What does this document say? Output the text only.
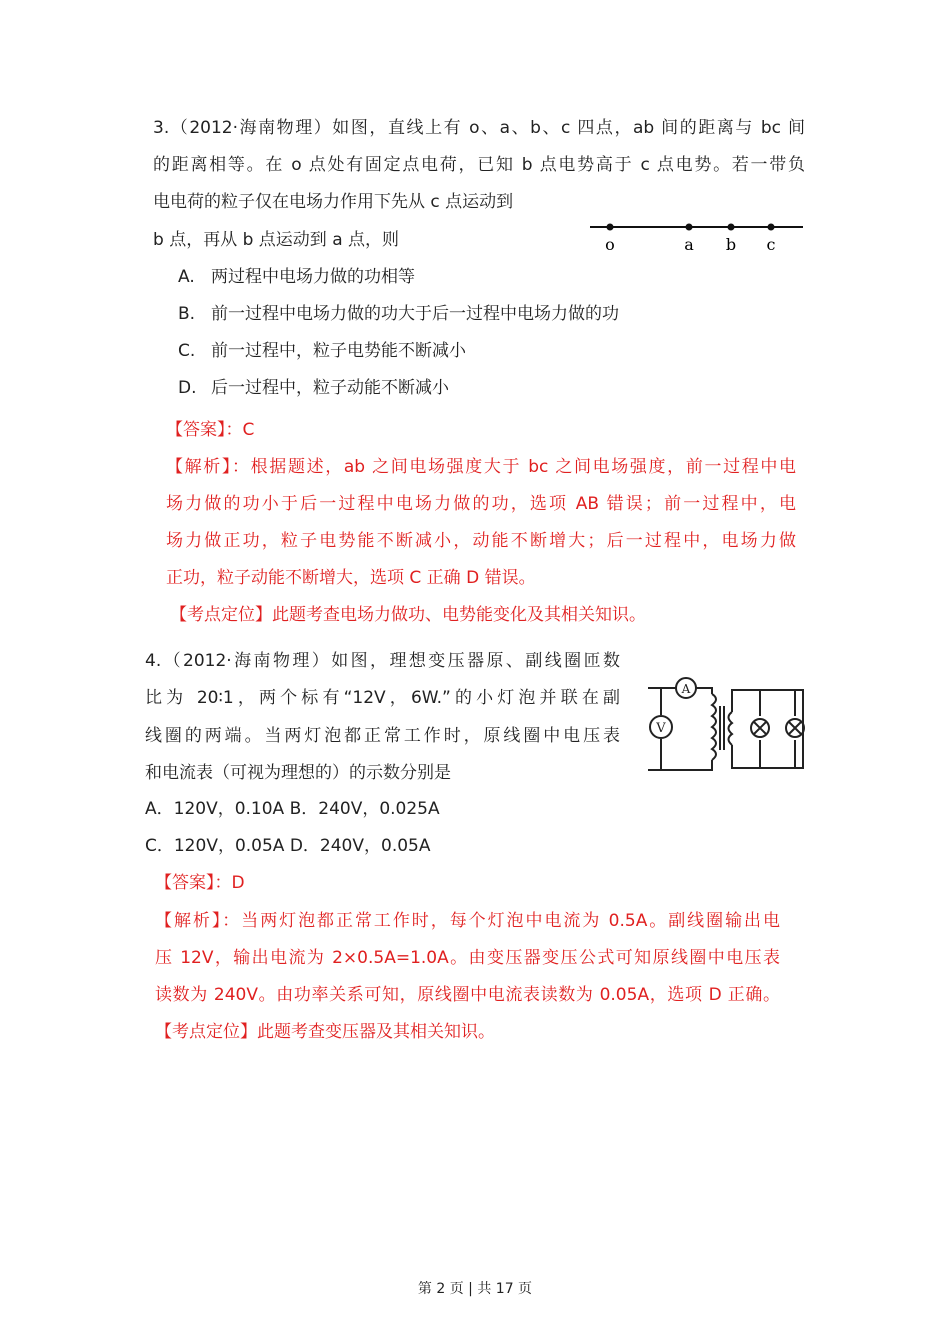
3.（2012·海南物理）如图，直线上有 o、a、b、c 四点，ab 间的距离与 bc 间
的距离相等。在 o 点处有固定点电荷，已知 b 点电势高于 c 点电势。若一带负
电电荷的粒子仅在电场力作用下先从 c 点运动到
b 点，再从 b 点运动到 a 点，则	o	a b c
A. 两过程中电场力做的功相等
B. 前一过程中电场力做的功大于后一过程中电场力做的功
C. 前一过程中，粒子电势能不断减小
D. 后一过程中，粒子动能不断减小
【答案】：C
【解析】：根据题述，ab 之间电场强度大于 bc 之间电场强度，前一过程中电
场力做的功小于后一过程中电场力做的功，选项 AB 错误；前一过程中，电
场力做正功，粒子电势能不断减小，动能不断增大；后一过程中，电场力做
正功，粒子动能不断增大，选项 C 正确 D 错误。
【考点定位】此题考查电场力做功、电势能变化及其相关知识。
4.（2012·海南物理）如图，理想变压器原、副线圈匝数
比为 20∶1，两个标有“12V，6W.”的小灯泡并联在副
线圈的两端。当两灯泡都正常工作时，原线圈中电压表
和电流表（可视为理想的）的示数分别是
V
A
A．120V，0.10A B．240V，0.025A
C．120V，0.05A D．240V，0.05A
【答案】：D
【解析】：当两灯泡都正常工作时，每个灯泡中电流为 0.5A。副线圈输出电
压 12V，输出电流为 2×0.5A=1.0A。由变压器变压公式可知原线圈中电压表
读数为 240V。由功率关系可知，原线圈中电流表读数为 0.05A，选项 D 正确。
【考点定位】此题考查变压器及其相关知识。
第 2 页 | 共 17 页
